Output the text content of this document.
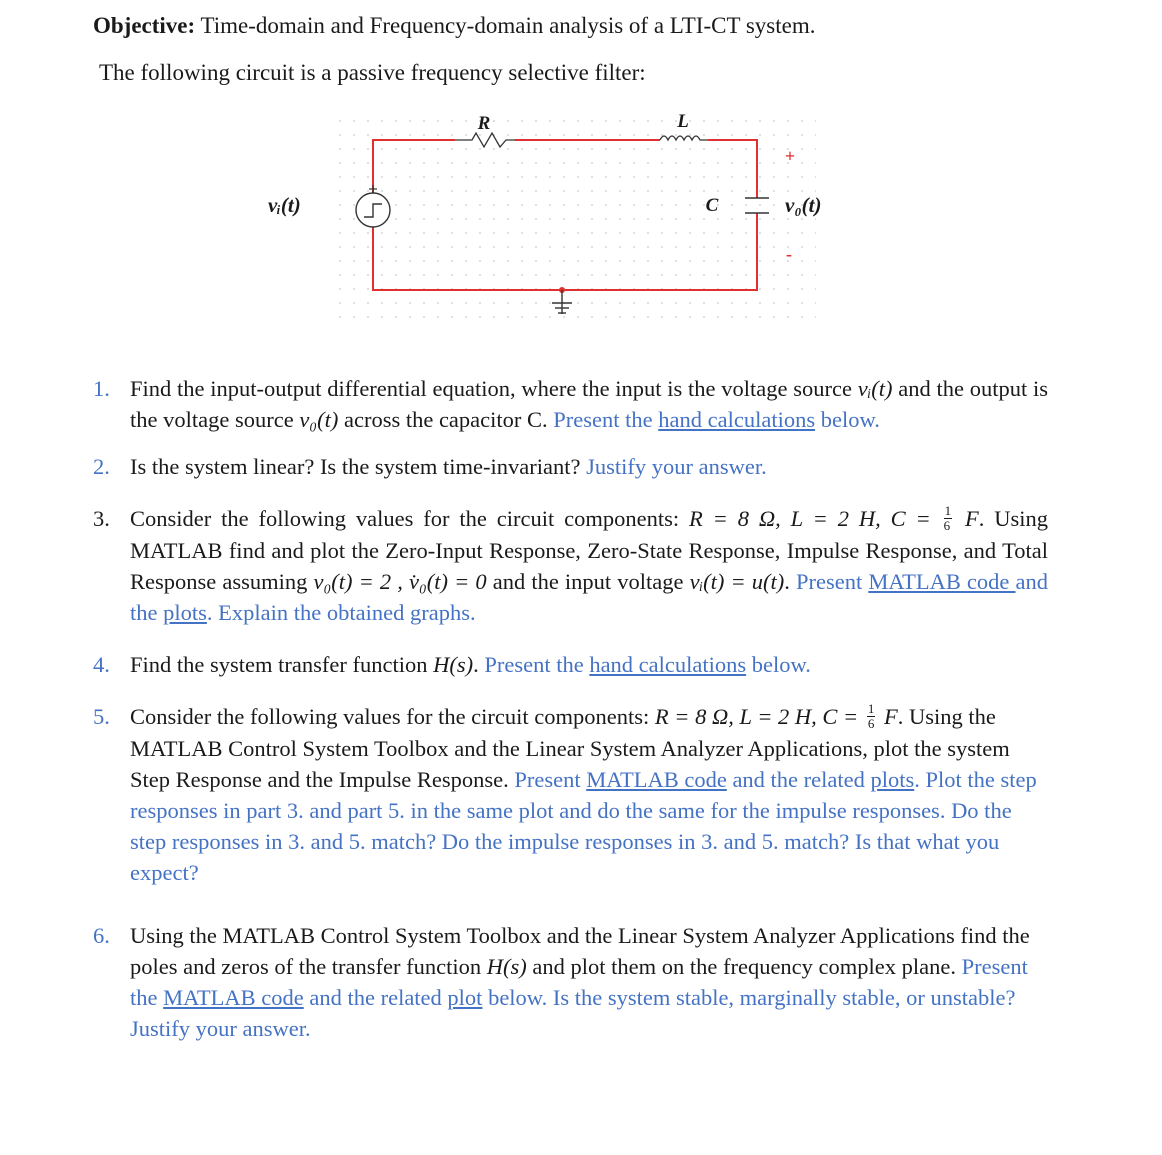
Objective: Time-domain and Frequency-domain analysis of a LTI-CT system.
The following circuit is a passive frequency selective filter:
R	L
C	v₀(t)
+
-
vᵢ(t)
1. Find the input-output differential equation, where the input is the voltage source vᵢ(t) and the output is the voltage source v₀(t) across the capacitor C. Present the hand calculations below.
2. Is the system linear? Is the system time-invariant? Justify your answer.
3. Consider the following values for the circuit components: R = 8 Ω, L = 2 H, $C = \frac{1}{6} F$. Using MATLAB find and plot the Zero-Input Response, Zero-State Response, Impulse Response, and Total Response assuming v₀(t) = 2 , v̇₀(t) = 0 and the input voltage vᵢ(t) = u(t). Present MATLAB code and the plots. Explain the obtained graphs.
4. Find the system transfer function H(s). Present the hand calculations below.
5. Consider the following values for the circuit components: R = 8 Ω, L = 2 H, $C = \frac{1}{6} F$. Using the MATLAB Control System Toolbox and the Linear System Analyzer Applications, plot the system Step Response and the Impulse Response. Present MATLAB code and the related plots. Plot the step responses in part 3. and part 5. in the same plot and do the same for the impulse responses. Do the step responses in 3. and 5. match? Do the impulse responses in 3. and 5. match? Is that what you expect?
6. Using the MATLAB Control System Toolbox and the Linear System Analyzer Applications find the poles and zeros of the transfer function H(s) and plot them on the frequency complex plane. Present the MATLAB code and the related plot below. Is the system stable, marginally stable, or unstable? Justify your answer.
